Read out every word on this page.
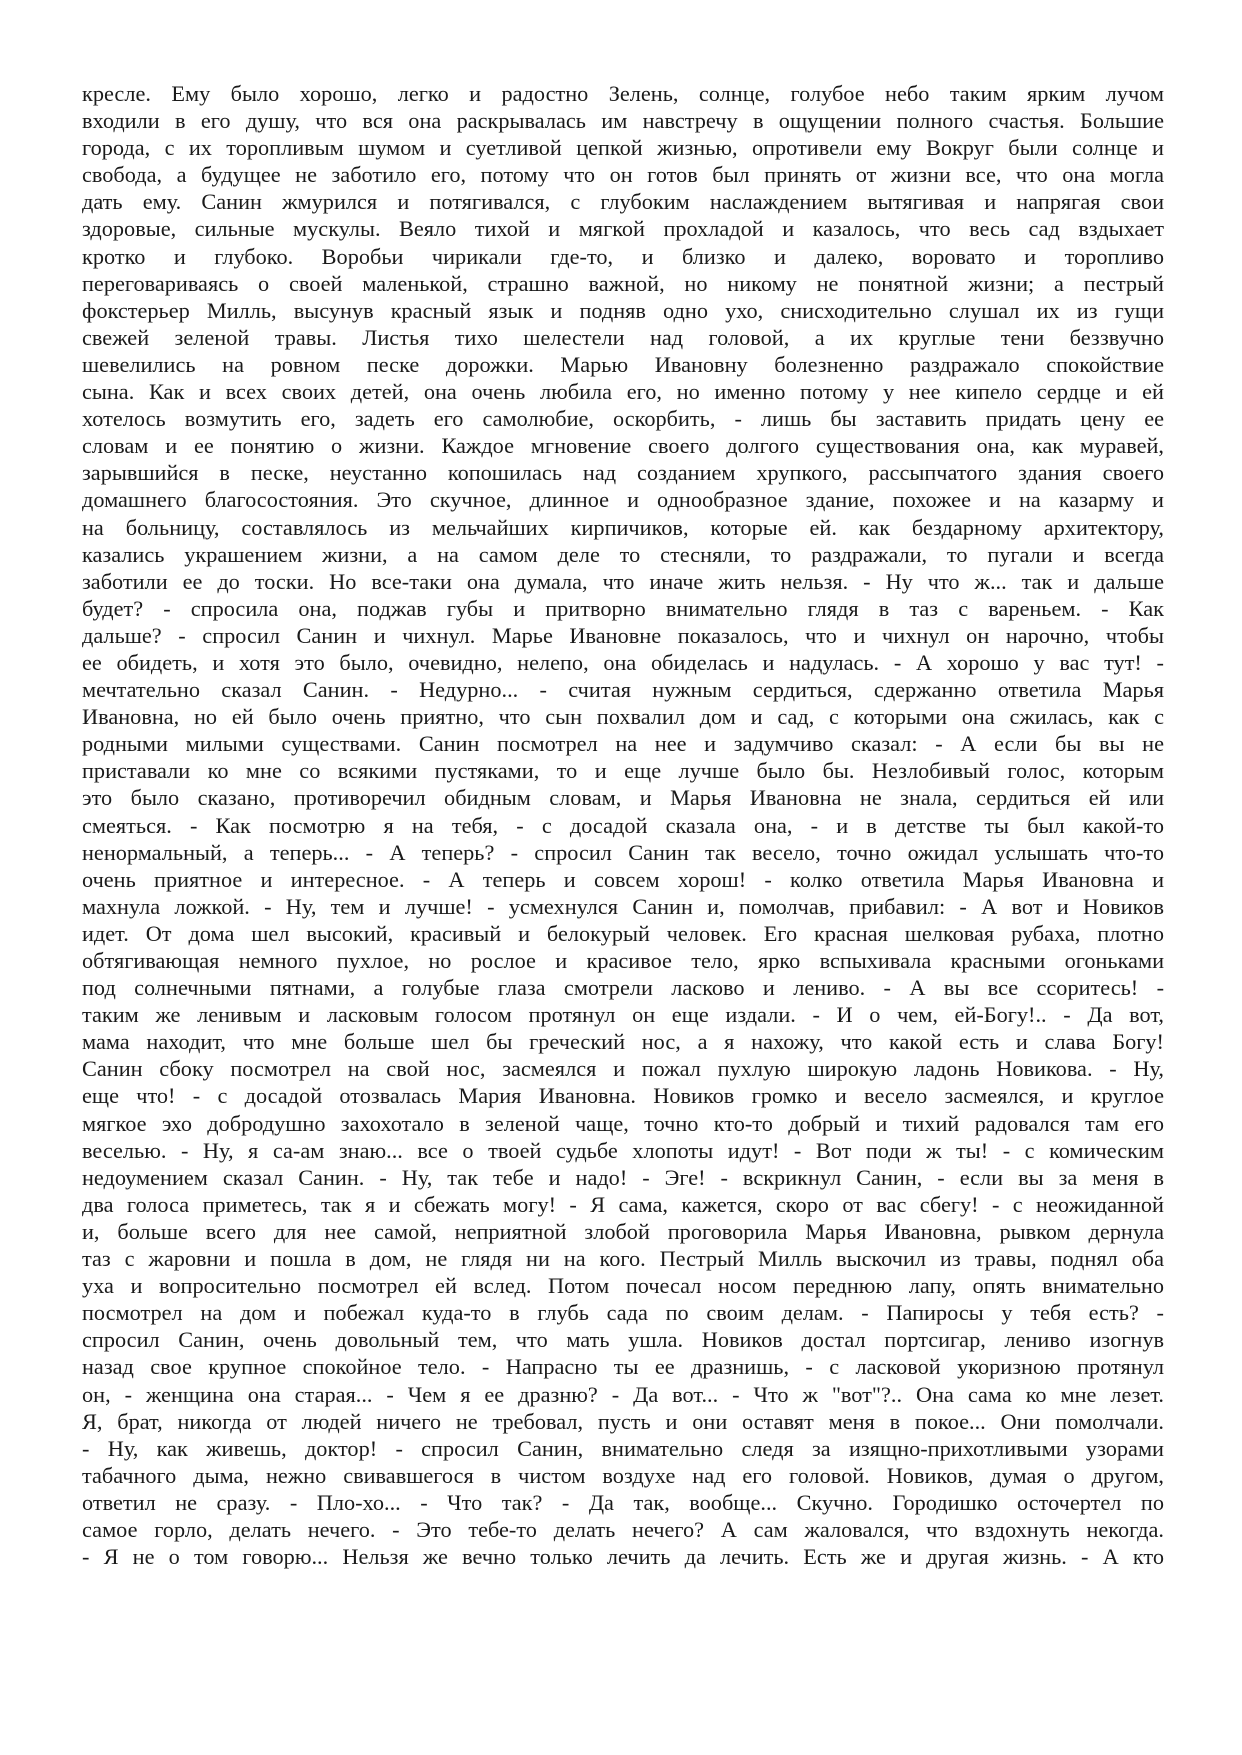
кресле. Ему было хорошо, легко и радостно Зелень, солнце, голубое небо таким ярким лучом
входили в его душу, что вся она раскрывалась им навстречу в ощущении полного счастья. Большие
города, с их торопливым шумом и суетливой цепкой жизнью, опротивели ему Вокруг были солнце и
свобода, а будущее не заботило его, потому что он готов был принять от жизни все, что она могла
дать ему. Санин жмурился и потягивался, с глубоким наслаждением вытягивая и напрягая свои
здоровые, сильные мускулы. Веяло тихой и мягкой прохладой и казалось, что весь сад вздыхает
кротко и глубоко. Воробьи чирикали где-то, и близко и далеко, воровато и торопливо
переговариваясь о своей маленькой, страшно важной, но никому не понятной жизни; а пестрый
фокстерьер Милль, высунув красный язык и подняв одно ухо, снисходительно слушал их из гущи
свежей зеленой травы. Листья тихо шелестели над головой, а их круглые тени беззвучно
шевелились на ровном песке дорожки. Марью Ивановну болезненно раздражало спокойствие
сына. Как и всех своих детей, она очень любила его, но именно потому у нее кипело сердце и ей
хотелось возмутить его, задеть его самолюбие, оскорбить, - лишь бы заставить придать цену ее
словам и ее понятию о жизни. Каждое мгновение своего долгого существования она, как муравей,
зарывшийся в песке, неустанно копошилась над созданием хрупкого, рассыпчатого здания своего
домашнего благосостояния. Это скучное, длинное и однообразное здание, похожее и на казарму и
на больницу, составлялось из мельчайших кирпичиков, которые ей. как бездарному архитектору,
казались украшением жизни, а на самом деле то стесняли, то раздражали, то пугали и всегда
заботили ее до тоски. Но все-таки она думала, что иначе жить нельзя. - Ну что ж... так и дальше
будет? - спросила она, поджав губы и притворно внимательно глядя в таз с вареньем. - Как
дальше? - спросил Санин и чихнул. Марье Ивановне показалось, что и чихнул он нарочно, чтобы
ее обидеть, и хотя это было, очевидно, нелепо, она обиделась и надулась. - А хорошо у вас тут! -
мечтательно сказал Санин. - Недурно... - считая нужным сердиться, сдержанно ответила Марья
Ивановна, но ей было очень приятно, что сын похвалил дом и сад, с которыми она сжилась, как с
родными милыми существами. Санин посмотрел на нее и задумчиво сказал: - А если бы вы не
приставали ко мне со всякими пустяками, то и еще лучше было бы. Незлобивый голос, которым
это было сказано, противоречил обидным словам, и Марья Ивановна не знала, сердиться ей или
смеяться. - Как посмотрю я на тебя, - с досадой сказала она, - и в детстве ты был какой-то
ненормальный, а теперь... - А теперь? - спросил Санин так весело, точно ожидал услышать что-то
очень приятное и интересное. - А теперь и совсем хорош! - колко ответила Марья Ивановна и
махнула ложкой. - Ну, тем и лучше! - усмехнулся Санин и, помолчав, прибавил: - А вот и Новиков
идет. От дома шел высокий, красивый и белокурый человек. Его красная шелковая рубаха, плотно
обтягивающая немного пухлое, но рослое и красивое тело, ярко вспыхивала красными огоньками
под солнечными пятнами, а голубые глаза смотрели ласково и лениво. - А вы все ссоритесь! -
таким же ленивым и ласковым голосом протянул он еще издали. - И о чем, ей-Богу!.. - Да вот,
мама находит, что мне больше шел бы греческий нос, а я нахожу, что какой есть и слава Богу!
Санин сбоку посмотрел на свой нос, засмеялся и пожал пухлую широкую ладонь Новикова. - Ну,
еще что! - с досадой отозвалась Мария Ивановна. Новиков громко и весело засмеялся, и круглое
мягкое эхо добродушно захохотало в зеленой чаще, точно кто-то добрый и тихий радовался там его
веселью. - Ну, я са-ам знаю... все о твоей судьбе хлопоты идут! - Вот поди ж ты! - с комическим
недоумением сказал Санин. - Ну, так тебе и надо! - Эге! - вскрикнул Санин, - если вы за меня в
два голоса приметесь, так я и сбежать могу! - Я сама, кажется, скоро от вас сбегу! - с неожиданной
и, больше всего для нее самой, неприятной злобой проговорила Марья Ивановна, рывком дернула
таз с жаровни и пошла в дом, не глядя ни на кого. Пестрый Милль выскочил из травы, поднял оба
уха и вопросительно посмотрел ей вслед. Потом почесал носом переднюю лапу, опять внимательно
посмотрел на дом и побежал куда-то в глубь сада по своим делам. - Папиросы у тебя есть? -
спросил Санин, очень довольный тем, что мать ушла. Новиков достал портсигар, лениво изогнув
назад свое крупное спокойное тело. - Напрасно ты ее дразнишь, - с ласковой укоризною протянул
он, - женщина она старая... - Чем я ее дразню? - Да вот... - Что ж "вот"?.. Она сама ко мне лезет.
Я, брат, никогда от людей ничего не требовал, пусть и они оставят меня в покое... Они помолчали.
- Ну, как живешь, доктор! - спросил Санин, внимательно следя за изящно-прихотливыми узорами
табачного дыма, нежно свивавшегося в чистом воздухе над его головой. Новиков, думая о другом,
ответил не сразу. - Пло-хо... - Что так? - Да так, вообще... Скучно. Городишко осточертел по
самое горло, делать нечего. - Это тебе-то делать нечего? А сам жаловался, что вздохнуть некогда.
- Я не о том говорю... Нельзя же вечно только лечить да лечить. Есть же и другая жизнь. - А кто
